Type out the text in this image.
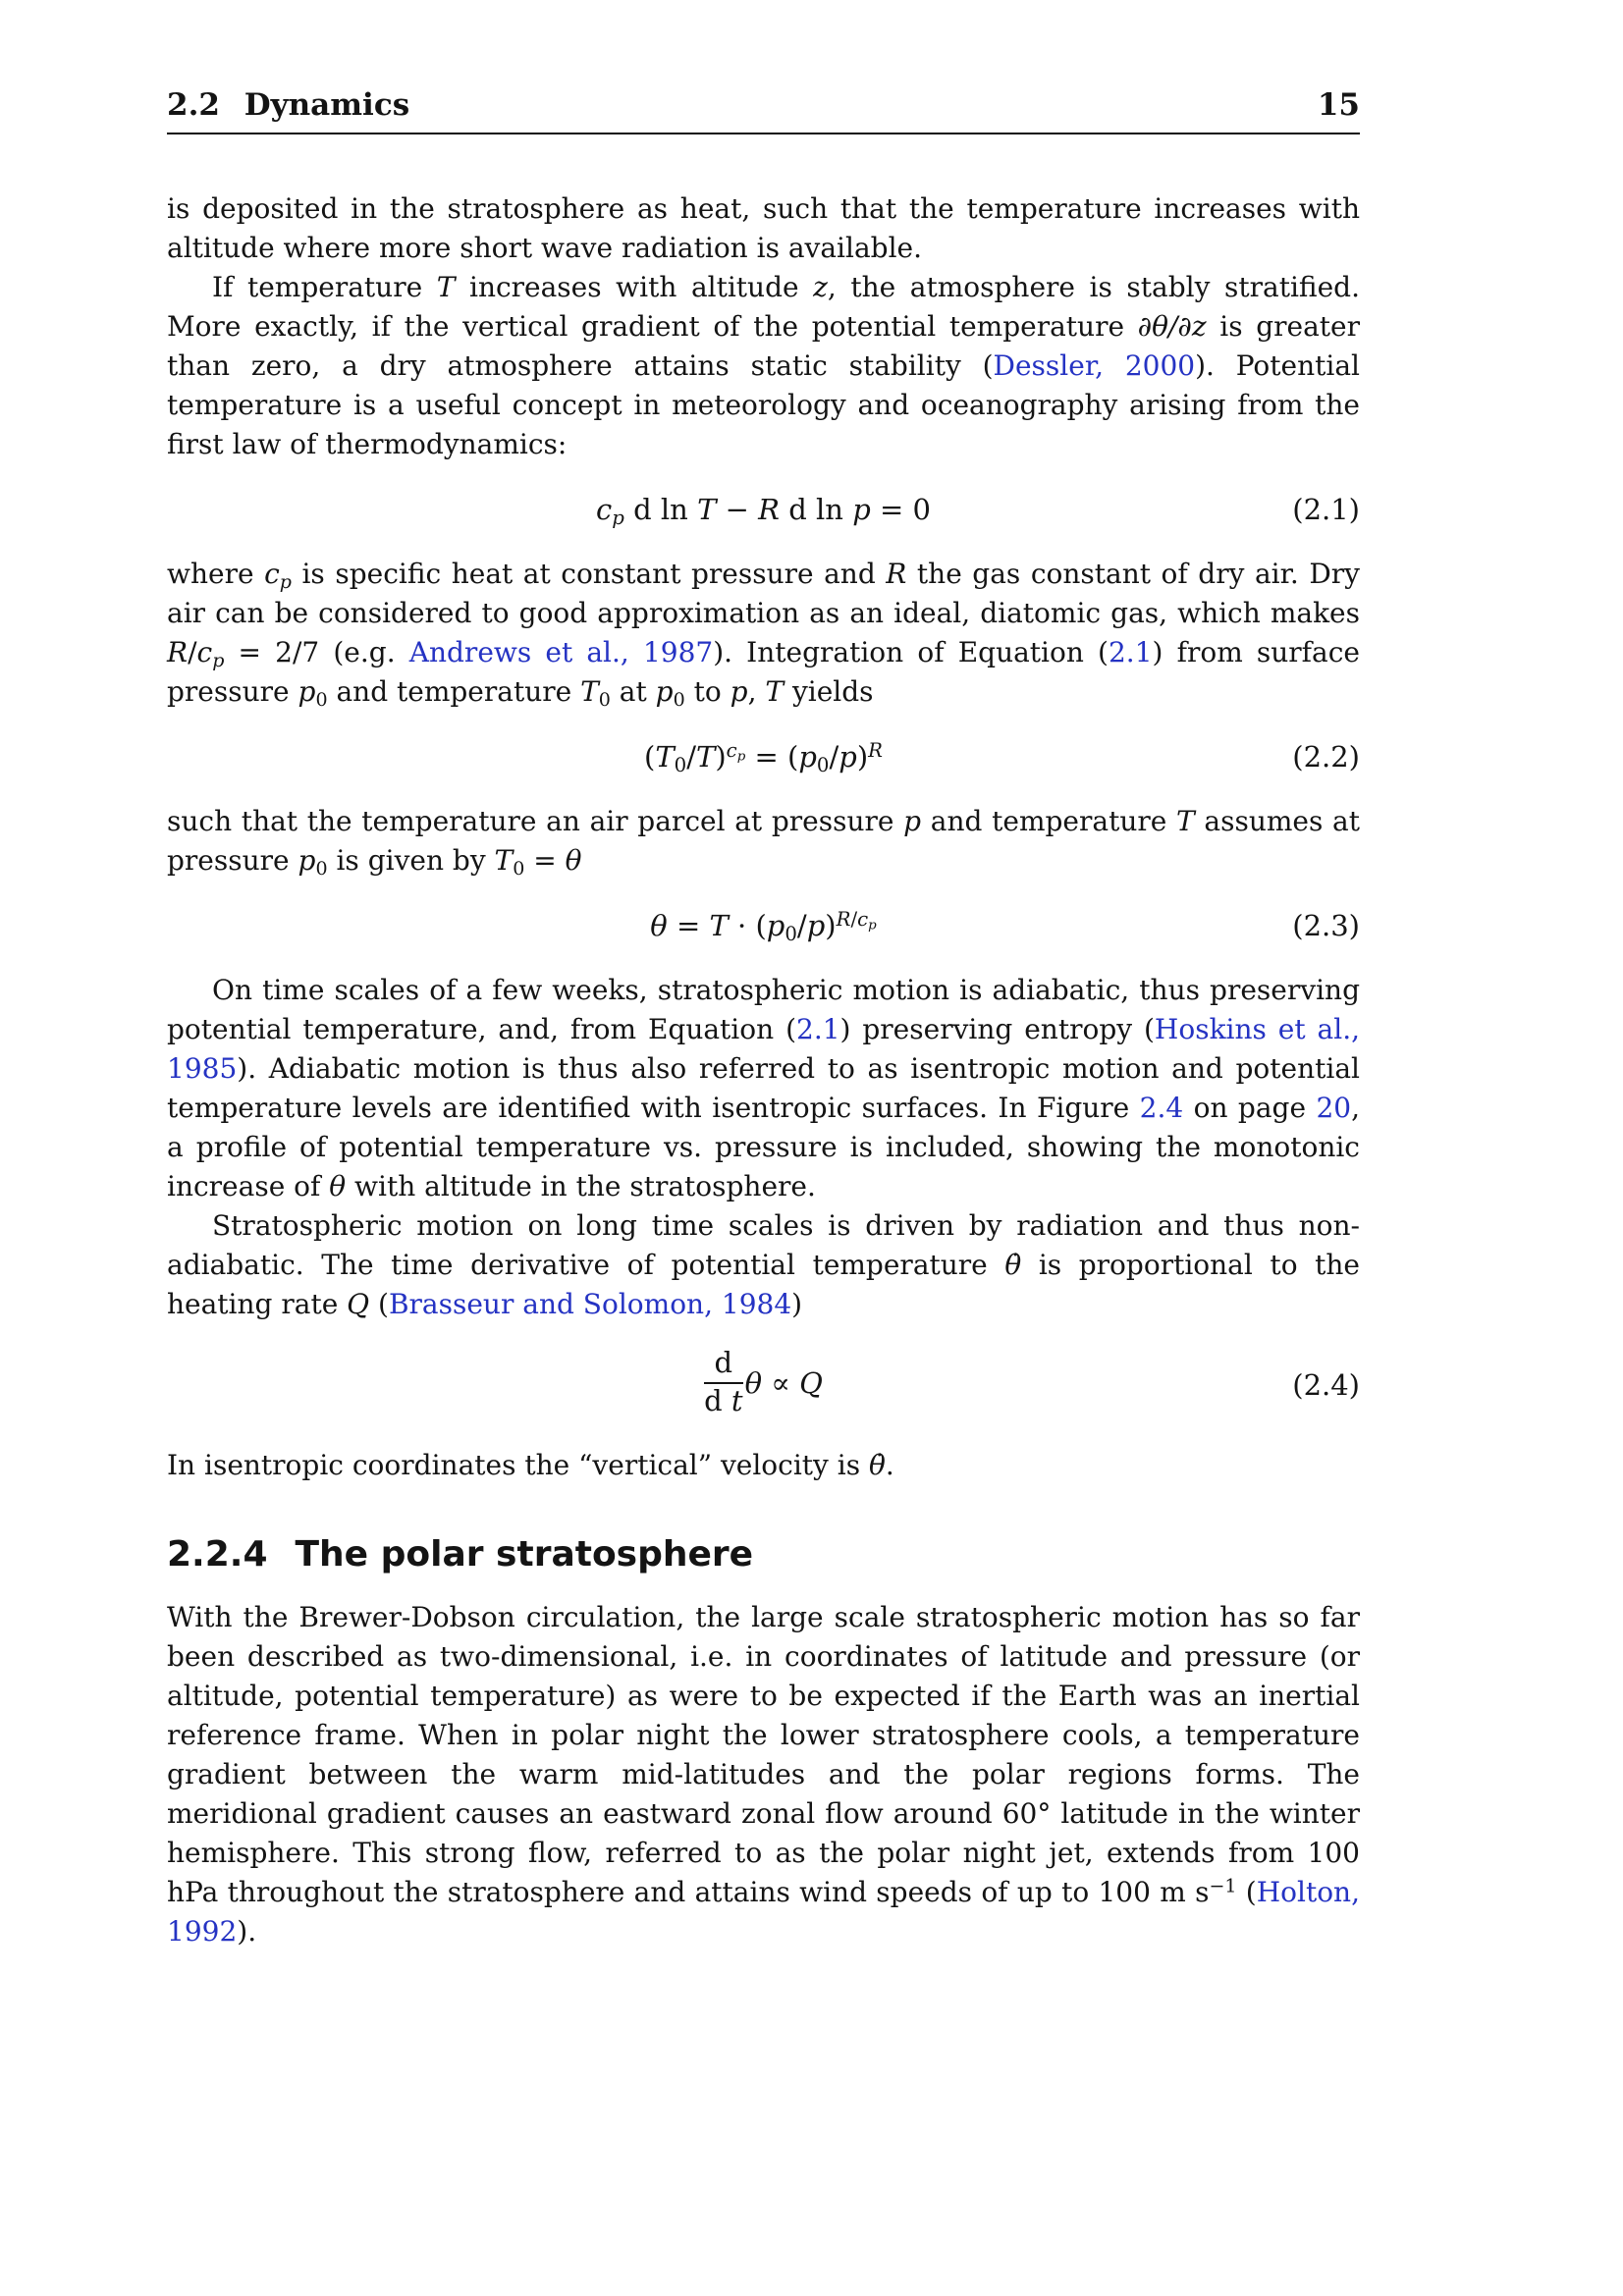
2.2 Dynamics	15

is deposited in the stratosphere as heat, such that the temperature increases with altitude where more short wave radiation is available.

If temperature T increases with altitude z, the atmosphere is stably stratified. More exactly, if the vertical gradient of the potential temperature ∂θ/∂z is greater than zero, a dry atmosphere attains static stability (Dessler, 2000). Potential temperature is a useful concept in meteorology and oceanography arising from the first law of thermodynamics:

cp d ln T − R d ln p = 0	(2.1)

where cp is specific heat at constant pressure and R the gas constant of dry air. Dry air can be considered to good approximation as an ideal, diatomic gas, which makes R/cp = 2/7 (e.g. Andrews et al., 1987). Integration of Equation (2.1) from surface pressure p0 and temperature T0 at p0 to p, T yields

$(T0/T)^{cp} = (p0/p)^R$	(2.2)

such that the temperature an air parcel at pressure p and temperature T assumes at pressure p0 is given by T0 = θ

$\theta = T \cdot (p0/p)^{R/cp}$	(2.3)

On time scales of a few weeks, stratospheric motion is adiabatic, thus preserving potential temperature, and, from Equation (2.1) preserving entropy (Hoskins et al., 1985). Adiabatic motion is thus also referred to as isentropic motion and potential temperature levels are identified with isentropic surfaces. In Figure 2.4 on page 20, a profile of potential temperature vs. pressure is included, showing the monotonic increase of θ with altitude in the stratosphere.

Stratospheric motion on long time scales is driven by radiation and thus non-adiabatic. The time derivative of potential temperature θ̇ is proportional to the heating rate Q (Brasseur and Solomon, 1984)

$\frac{d}{\text{d t}}$ θ ∝ Q	(2.4)

In isentropic coordinates the “vertical” velocity is θ̇.

2.2.4 The polar stratosphere

With the Brewer-Dobson circulation, the large scale stratospheric motion has so far been described as two-dimensional, i.e. in coordinates of latitude and pressure (or altitude, potential temperature) as were to be expected if the Earth was an inertial reference frame. When in polar night the lower stratosphere cools, a temperature gradient between the warm mid-latitudes and the polar regions forms. The meridional gradient causes an eastward zonal flow around 60° latitude in the winter hemisphere. This strong flow, referred to as the polar night jet, extends from 100 hPa throughout the stratosphere and attains wind speeds of up to 100 m $s^{-1}$ (Holton, 1992).
